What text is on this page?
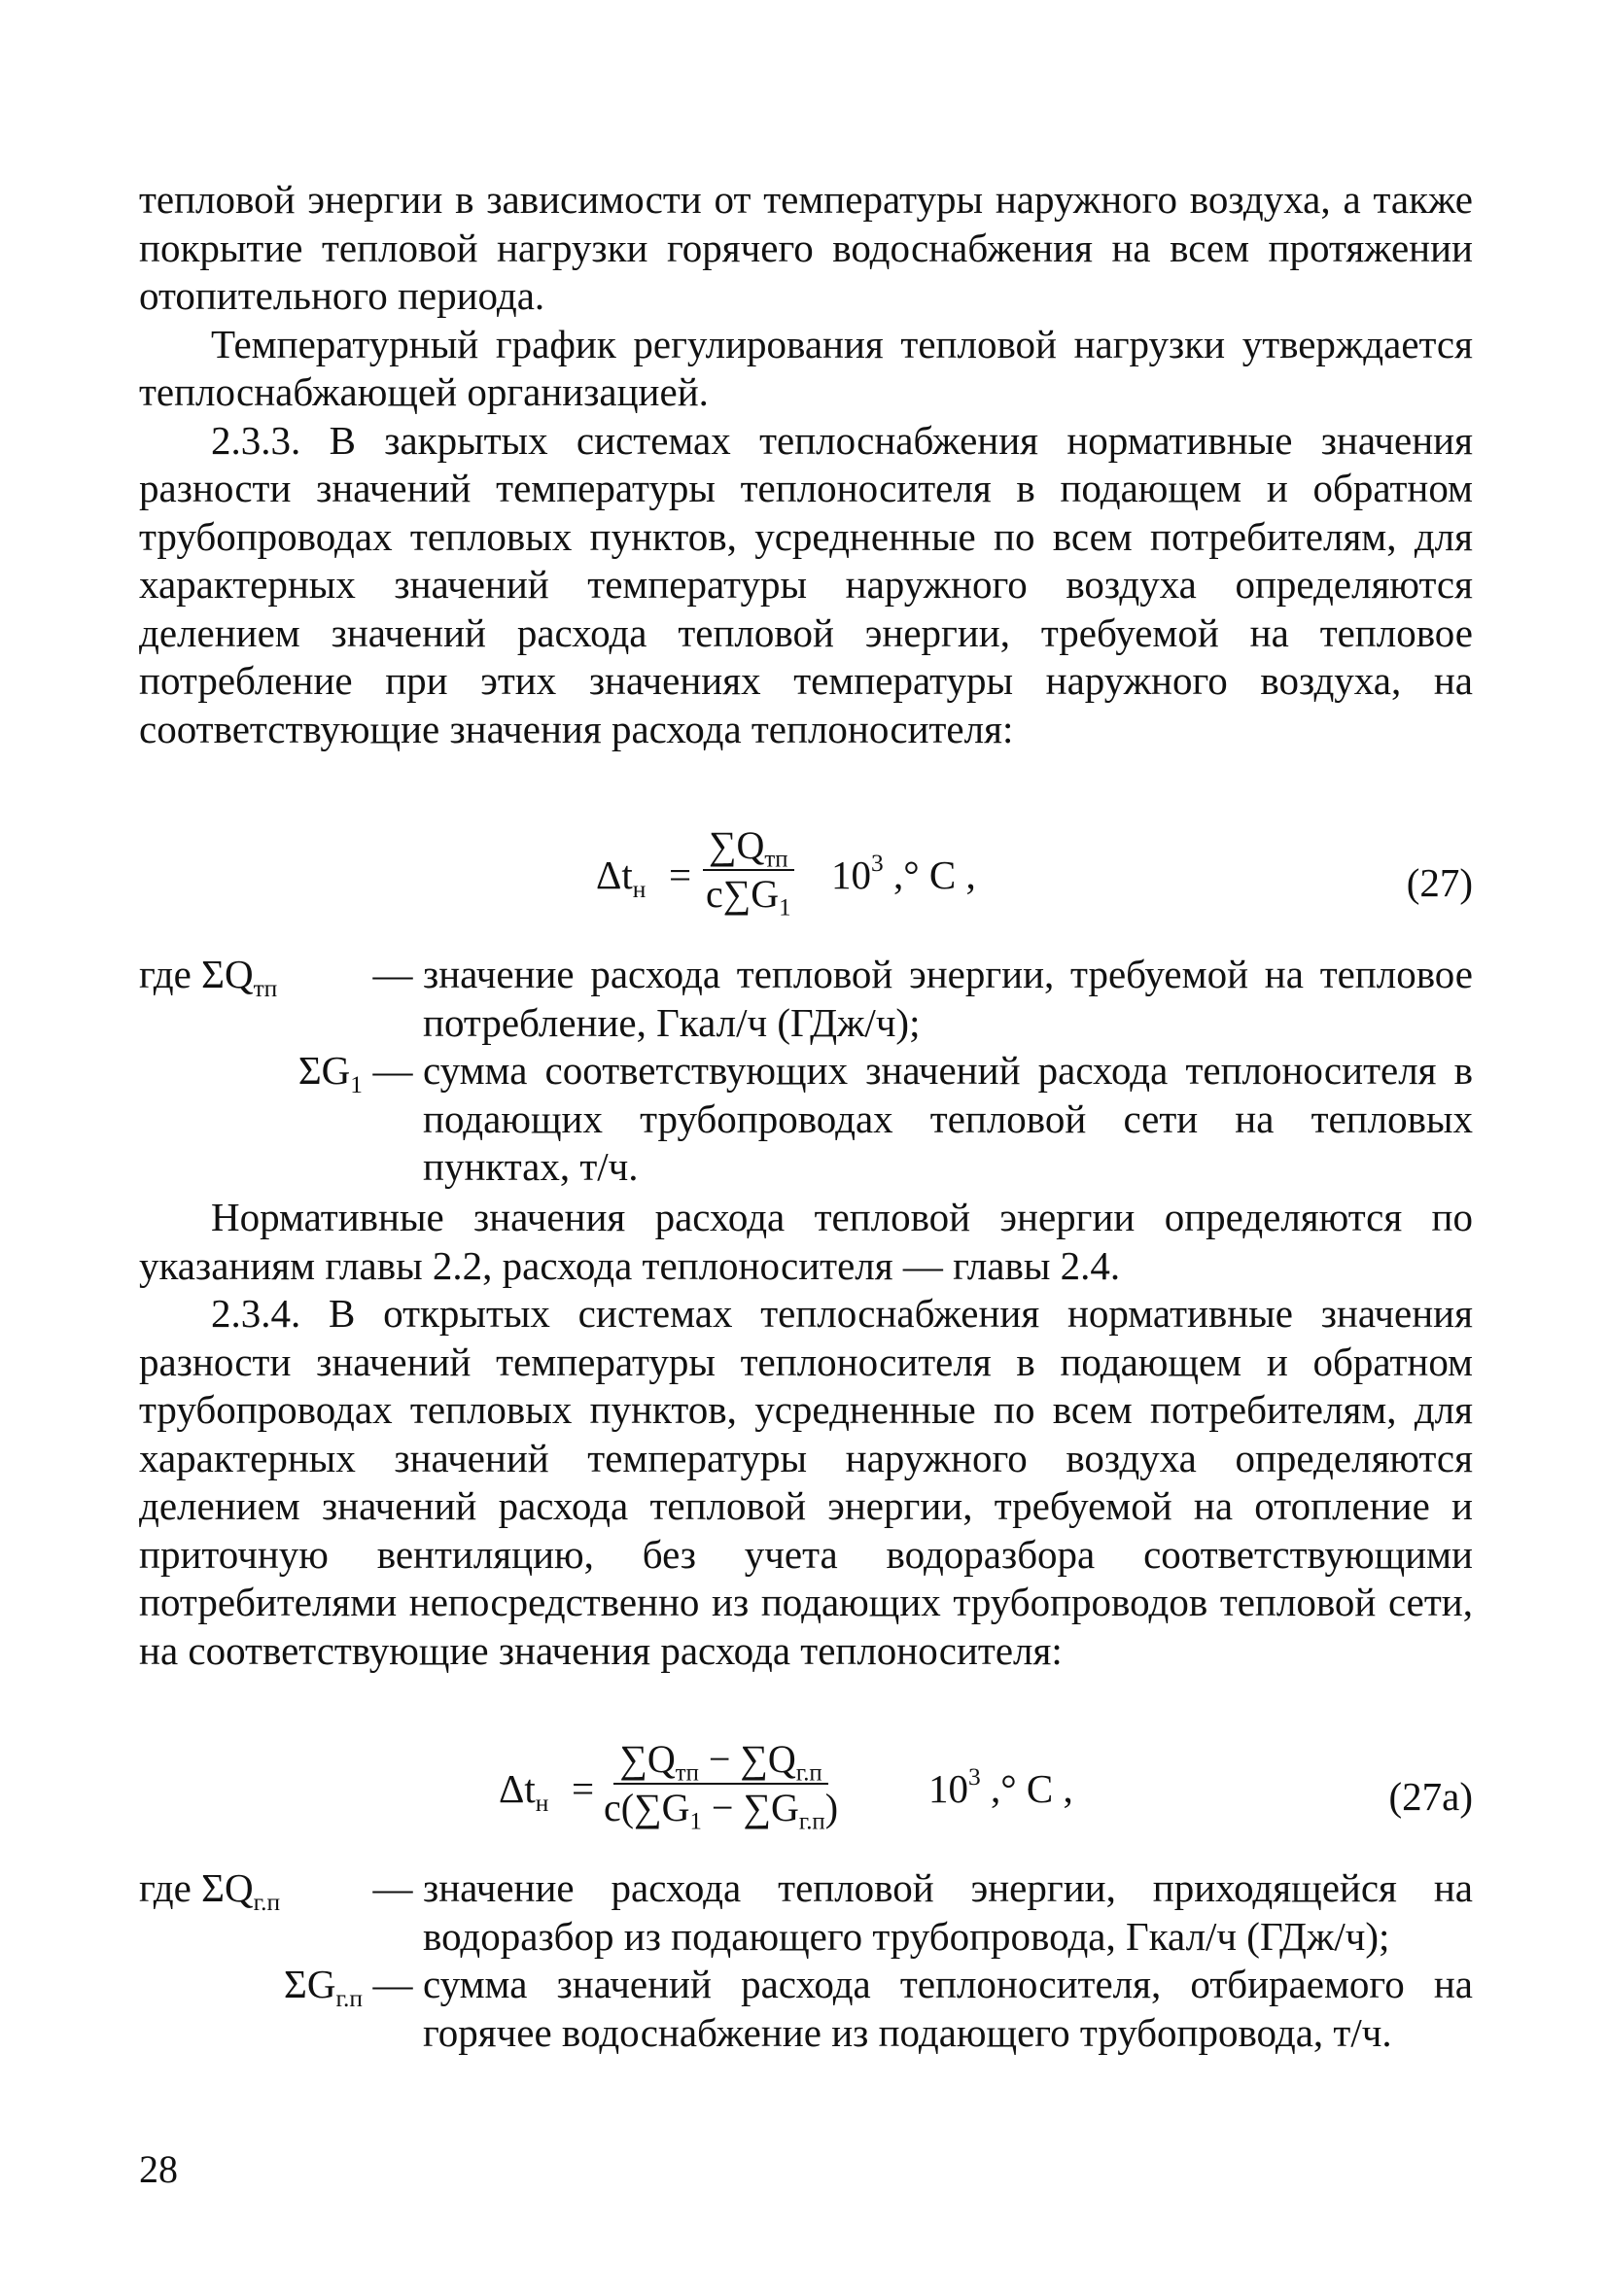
тепловой энергии в зависимости от температуры наружного воздуха, а также покрытие тепловой нагрузки горячего водоснабжения на всем протяжении отопительного периода.

Температурный график регулирования тепловой нагрузки утверждается теплоснабжающей организацией.

2.3.3. В закрытых системах теплоснабжения нормативные значения разности значений температуры теплоносителя в подающем и обратном трубопроводах тепловых пунктов, усредненные по всем потребителям, для характерных значений температуры наружного воздуха определяются делением значений расхода тепловой энергии, требуемой на тепловое потребление при этих значениях температуры наружного воздуха, на соответствующие значения расхода теплоносителя:

$\Delta t_н$ =
$\sum Q_{тп}$
$c\sum G_1$
$10^3$ ,° С ,	(27)
где $\Sigma Q_{тп}$	— значение расхода тепловой энергии, требуемой на тепловое потребление, Гкал/ч (ГДж/ч);
$\Sigma G_1$ — сумма соответствующих значений расхода теплоносителя в подающих трубопроводах тепловой сети на тепловых пунктах, т/ч.

Нормативные значения расхода тепловой энергии определяются по указаниям главы 2.2, расхода теплоносителя — главы 2.4.

2.3.4. В открытых системах теплоснабжения нормативные значения разности значений температуры теплоносителя в подающем и обратном трубопроводах тепловых пунктов, усредненные по всем потребителям, для характерных значений температуры наружного воздуха определяются делением значений расхода тепловой энергии, требуемой на отопление и приточную вентиляцию, без учета водоразбора соответствующими потребителями непосредственно из подающих трубопроводов тепловой сети, на соответствующие значения расхода теплоносителя:

$\Delta t_н$ =
$\sum Q_{тп} - \sum Q_{г.п}$
$c(\sum G_1 - \sum G_{г.п})$ $10^3$ ,° С ,	(27а)
где $\Sigma Q_{г.п}$	— значение расхода тепловой энергии, приходящейся на водоразбор из подающего трубопровода, Гкал/ч (ГДж/ч);
$\Sigma G_{г.п}$ — сумма значений расхода теплоносителя, отбираемого на горячее водоснабжение из подающего трубопровода, т/ч.
28
